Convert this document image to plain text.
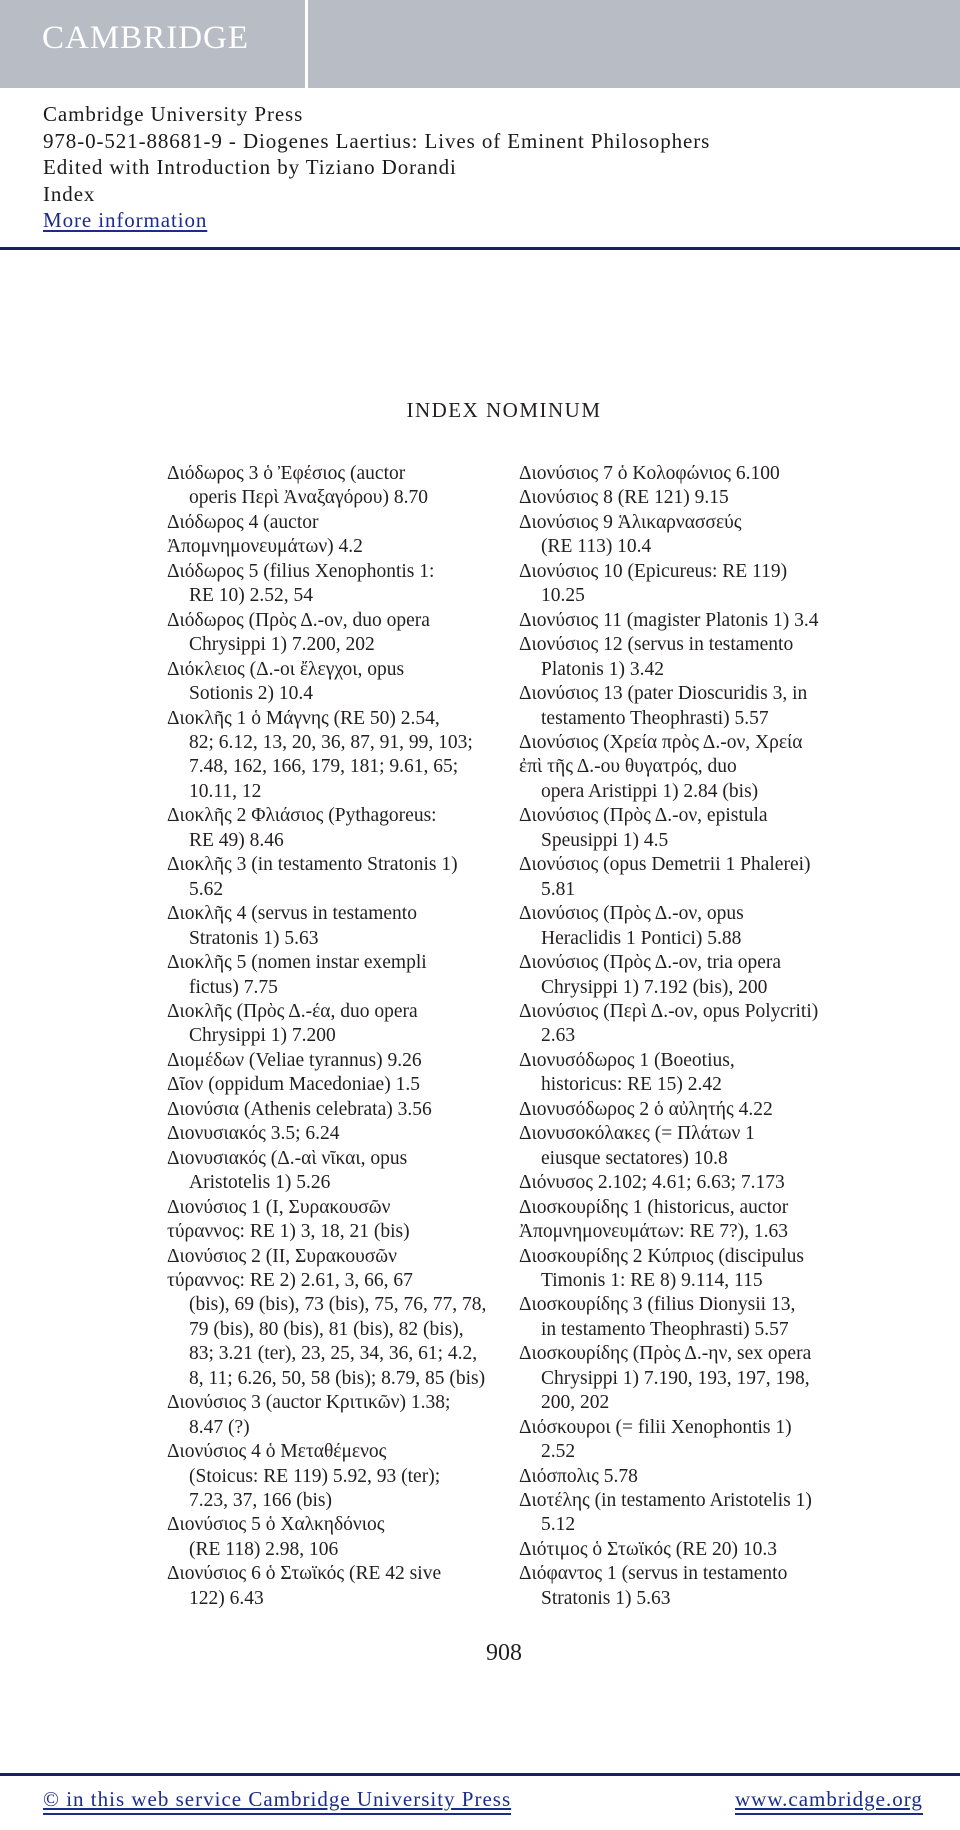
CAMBRIDGE
Cambridge University Press
978-0-521-88681-9 - Diogenes Laertius: Lives of Eminent Philosophers
Edited with Introduction by Tiziano Dorandi
Index
More information
INDEX NOMINUM
Διόδωρος 3 ὁ Ἐφέσιος (auctor
operis Περὶ Ἀναξαγόρου) 8.70
Διόδωρος 4 (auctor
Ἀπομνημονευμάτων) 4.2
Διόδωρος 5 (filius Xenophontis 1:
RE 10) 2.52, 54
Διόδωρος (Πρὸς Δ.-ον, duo opera
Chrysippi 1) 7.200, 202
Διόκλειος (Δ.-οι ἔλεγχοι, opus
Sotionis 2) 10.4
Διοκλῆς 1 ὁ Μάγνης (RE 50) 2.54,
82; 6.12, 13, 20, 36, 87, 91, 99, 103;
7.48, 162, 166, 179, 181; 9.61, 65;
10.11, 12
Διοκλῆς 2 Φλιάσιος (Pythagoreus:
RE 49) 8.46
Διοκλῆς 3 (in testamento Stratonis 1)
5.62
Διοκλῆς 4 (servus in testamento
Stratonis 1) 5.63
Διοκλῆς 5 (nomen instar exempli
fictus) 7.75
Διοκλῆς (Πρὸς Δ.-έα, duo opera
Chrysippi 1) 7.200
Διομέδων (Veliae tyrannus) 9.26
Δῖον (oppidum Macedoniae) 1.5
Διονύσια (Athenis celebrata) 3.56
Διονυσιακός 3.5; 6.24
Διονυσιακός (Δ.-αὶ νῖκαι, opus
Aristotelis 1) 5.26
Διονύσιος 1 (I, Συρακουσῶν
τύραννος: RE 1) 3, 18, 21 (bis)
Διονύσιος 2 (II, Συρακουσῶν
τύραννος: RE 2) 2.61, 3, 66, 67
(bis), 69 (bis), 73 (bis), 75, 76, 77, 78,
79 (bis), 80 (bis), 81 (bis), 82 (bis),
83; 3.21 (ter), 23, 25, 34, 36, 61; 4.2,
8, 11; 6.26, 50, 58 (bis); 8.79, 85 (bis)
Διονύσιος 3 (auctor Κριτικῶν) 1.38;
8.47 (?)
Διονύσιος 4 ὁ Μεταθέμενος
(Stoicus: RE 119) 5.92, 93 (ter);
7.23, 37, 166 (bis)
Διονύσιος 5 ὁ Χαλκηδόνιος
(RE 118) 2.98, 106
Διονύσιος 6 ὁ Στωϊκός (RE 42 sive
122) 6.43
Διονύσιος 7 ὁ Κολοφώνιος 6.100
Διονύσιος 8 (RE 121) 9.15
Διονύσιος 9 Ἁλικαρνασσεύς
(RE 113) 10.4
Διονύσιος 10 (Epicureus: RE 119)
10.25
Διονύσιος 11 (magister Platonis 1) 3.4
Διονύσιος 12 (servus in testamento
Platonis 1) 3.42
Διονύσιος 13 (pater Dioscuridis 3, in
testamento Theophrasti) 5.57
Διονύσιος (Χρεία πρὸς Δ.-ον, Χρεία
ἐπὶ τῆς Δ.-ου θυγατρός, duo
opera Aristippi 1) 2.84 (bis)
Διονύσιος (Πρὸς Δ.-ον, epistula
Speusippi 1) 4.5
Διονύσιος (opus Demetrii 1 Phalerei)
5.81
Διονύσιος (Πρὸς Δ.-ον, opus
Heraclidis 1 Pontici) 5.88
Διονύσιος (Πρὸς Δ.-ον, tria opera
Chrysippi 1) 7.192 (bis), 200
Διονύσιος (Περὶ Δ.-ον, opus Polycriti)
2.63
Διονυσόδωρος 1 (Boeotius,
historicus: RE 15) 2.42
Διονυσόδωρος 2 ὁ αὐλητής 4.22
Διονυσοκόλακες (= Πλάτων 1
eiusque sectatores) 10.8
Διόνυσος 2.102; 4.61; 6.63; 7.173
Διοσκουρίδης 1 (historicus, auctor
Ἀπομνημονευμάτων: RE 7?), 1.63
Διοσκουρίδης 2 Κύπριος (discipulus
Timonis 1: RE 8) 9.114, 115
Διοσκουρίδης 3 (filius Dionysii 13,
in testamento Theophrasti) 5.57
Διοσκουρίδης (Πρὸς Δ.-ην, sex opera
Chrysippi 1) 7.190, 193, 197, 198,
200, 202
Διόσκουροι (= filii Xenophontis 1)
2.52
Διόσπολις 5.78
Διοτέλης (in testamento Aristotelis 1)
5.12
Διότιμος ὁ Στωϊκός (RE 20) 10.3
Διόφαντος 1 (servus in testamento
Stratonis 1) 5.63
908
© in this web service Cambridge University Press	www.cambridge.org
